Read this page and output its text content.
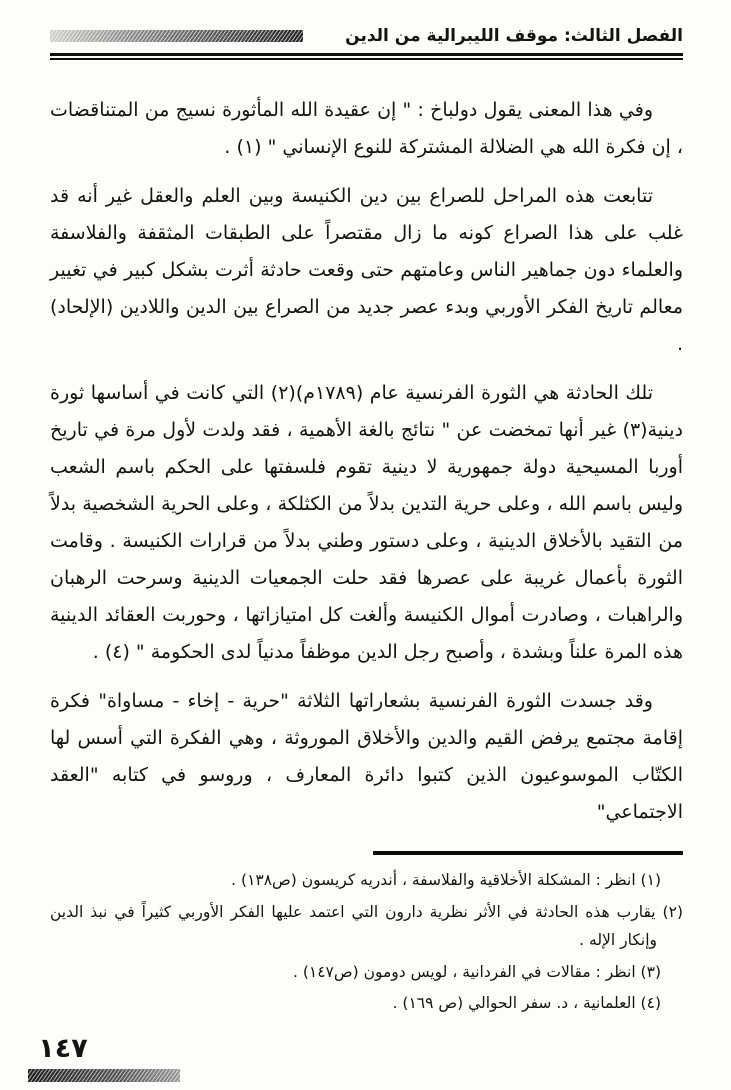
الفصل الثالث: موقف الليبرالية من الدين

وفي هذا المعنى يقول دولباخ : " إن عقيدة الله المأثورة نسيج من المتناقضات ، إن فكرة الله هي الضلالة المشتركة للنوع الإنساني " (١) .

تتابعت هذه المراحل للصراع بين دين الكنيسة وبين العلم والعقل غير أنه قد غلب على هذا الصراع كونه ما زال مقتصراً على الطبقات المثقفة والفلاسفة والعلماء دون جماهير الناس وعامتهم حتى وقعت حادثة أثرت بشكل كبير في تغيير معالم تاريخ الفكر الأوربي وبدء عصر جديد من الصراع بين الدين واللادين (الإلحاد) .

تلك الحادثة هي الثورة الفرنسية عام (١٧٨٩م)(٢) التي كانت في أساسها ثورة دينية(٣) غير أنها تمخضت عن " نتائج بالغة الأهمية ، فقد ولدت لأول مرة في تاريخ أوربا المسيحية دولة جمهورية لا دينية تقوم فلسفتها على الحكم باسم الشعب وليس باسم الله ، وعلى حرية التدين بدلاً من الكثلكة ، وعلى الحرية الشخصية بدلاً من التقيد بالأخلاق الدينية ، وعلى دستور وطني بدلاً من قرارات الكنيسة . وقامت الثورة بأعمال غريبة على عصرها فقد حلت الجمعيات الدينية وسرحت الرهبان والراهبات ، وصادرت أموال الكنيسة وألغت كل امتيازاتها ، وحوربت العقائد الدينية هذه المرة علناً وبشدة ، وأصبح رجل الدين موظفاً مدنياً لدى الحكومة " (٤) .

وقد جسدت الثورة الفرنسية بشعاراتها الثلاثة "حرية - إخاء - مساواة" فكرة إقامة مجتمع يرفض القيم والدين والأخلاق الموروثة ، وهي الفكرة التي أسس لها الكتّاب الموسوعيون الذين كتبوا دائرة المعارف ، وروسو في كتابه "العقد الاجتماعي"

(١) انظر : المشكلة الأخلاقية والفلاسفة ، أندريه كريسون (ص١٣٨) .

(٢) يقارب هذه الحادثة في الأثر نظرية دارون التي اعتمد عليها الفكر الأوربي كثيراً في نبذ الدين وإنكار الإله .

(٣) انظر : مقالات في الفردانية ، لويس دومون (ص١٤٧) .

(٤) العلمانية ، د. سفر الحوالي (ص ١٦٩) .

١٤٧
